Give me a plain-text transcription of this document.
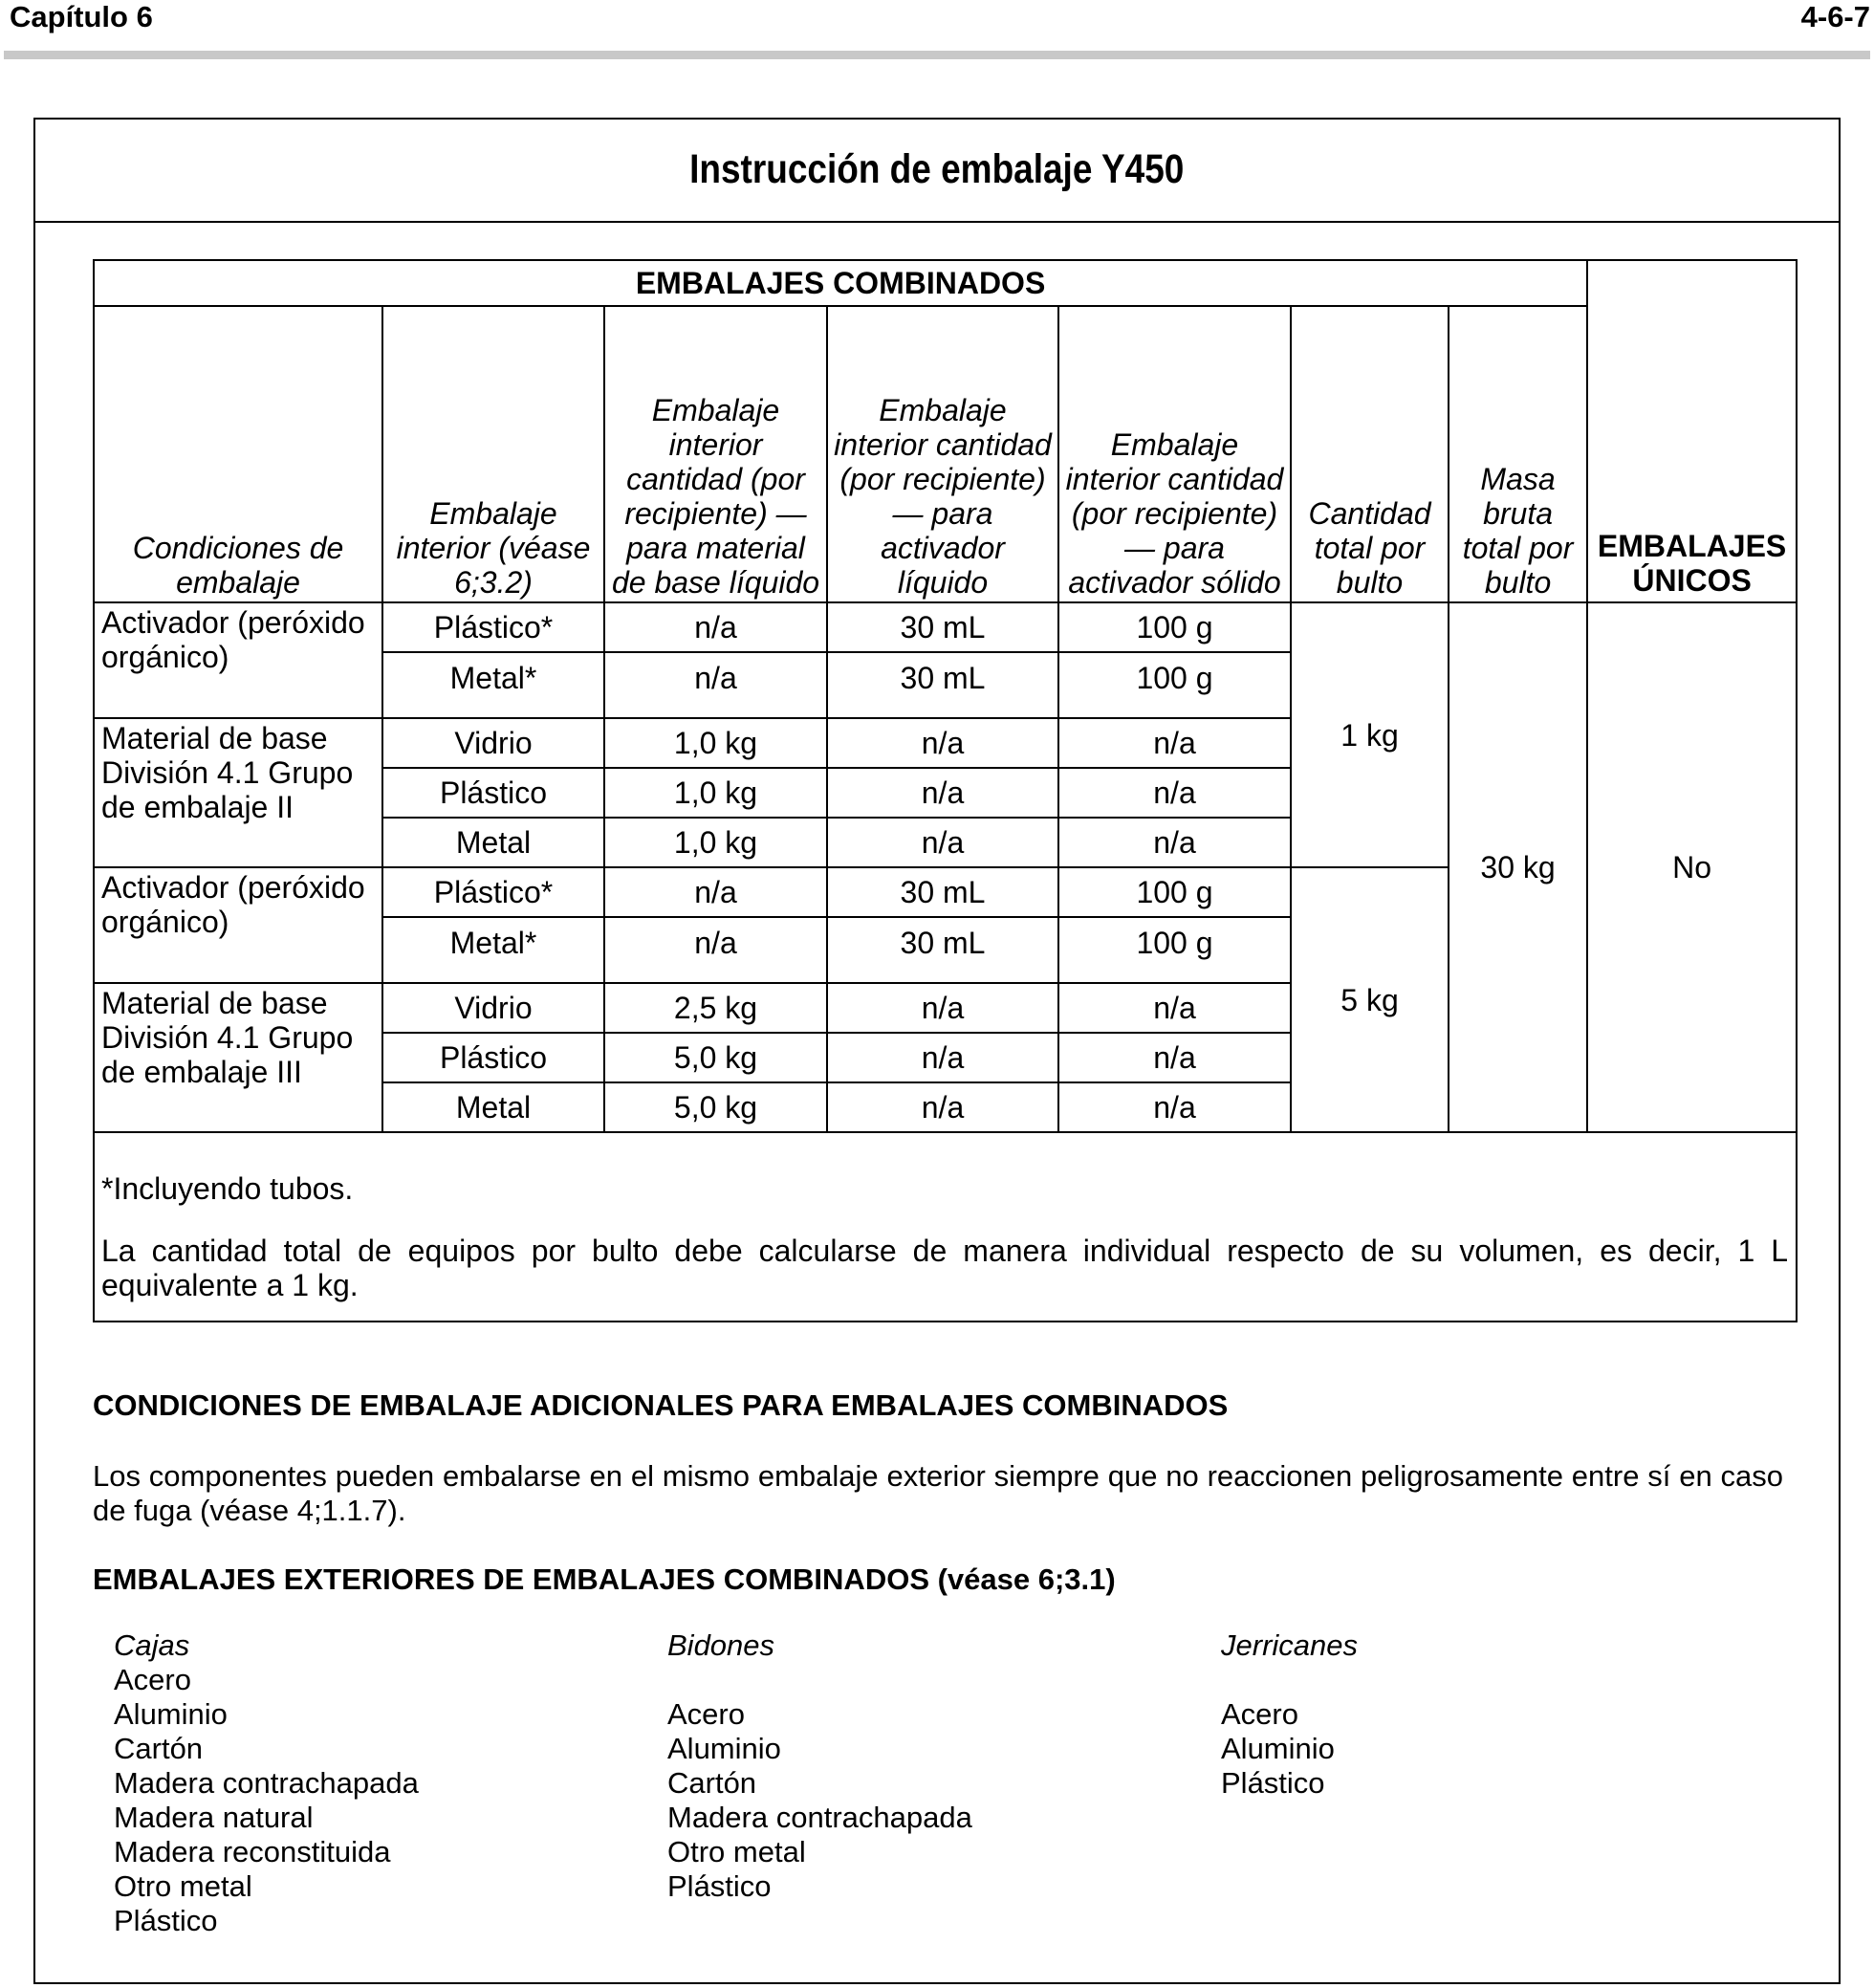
Capítulo 6	4-6-7
Instrucción de embalaje Y450
EMBALAJES COMBINADOS							EMBALAJES ÚNICOS
Condiciones de embalaje	Embalaje interior (véase 6;3.2)	Embalaje interior cantidad (por recipiente) — para material de base líquido	Embalaje interior cantidad (por recipiente) — para activador líquido	Embalaje interior cantidad (por recipiente) — para activador sólido	Cantidad total por bulto	Masa bruta total por bulto	
Activador (peróxido orgánico)	Plástico*	n/a	30 mL	100 g	1 kg	30 kg	No
	Metal*	n/a	30 mL	100 g			
Material de base División 4.1 Grupo de embalaje II	Vidrio	1,0 kg	n/a	n/a			
	Plástico	1,0 kg	n/a	n/a			
	Metal	1,0 kg	n/a	n/a			
Activador (peróxido orgánico)	Plástico*	n/a	30 mL	100 g	5 kg		
	Metal*	n/a	30 mL	100 g			
Material de base División 4.1 Grupo de embalaje III	Vidrio	2,5 kg	n/a	n/a			
	Plástico	5,0 kg	n/a	n/a			
	Metal	5,0 kg	n/a	n/a			

*Incluyendo tubos.

La cantidad total de equipos por bulto debe calcularse de manera individual respecto de su volumen, es decir, 1 L equivalente a 1 kg.							

CONDICIONES DE EMBALAJE ADICIONALES PARA EMBALAJES COMBINADOS
Los componentes pueden embalarse en el mismo embalaje exterior siempre que no reaccionen peligrosamente entre sí en caso de fuga (véase 4;1.1.7).
EMBALAJES EXTERIORES DE EMBALAJES COMBINADOS (véase 6;3.1)
Cajas
Acero
Aluminio
Cartón
Madera contrachapada
Madera natural
Madera reconstituida
Otro metal
Plástico
Bidones
Acero
Aluminio
Cartón
Madera contrachapada
Otro metal
Plástico
Jerricanes
Acero
Aluminio
Plástico
